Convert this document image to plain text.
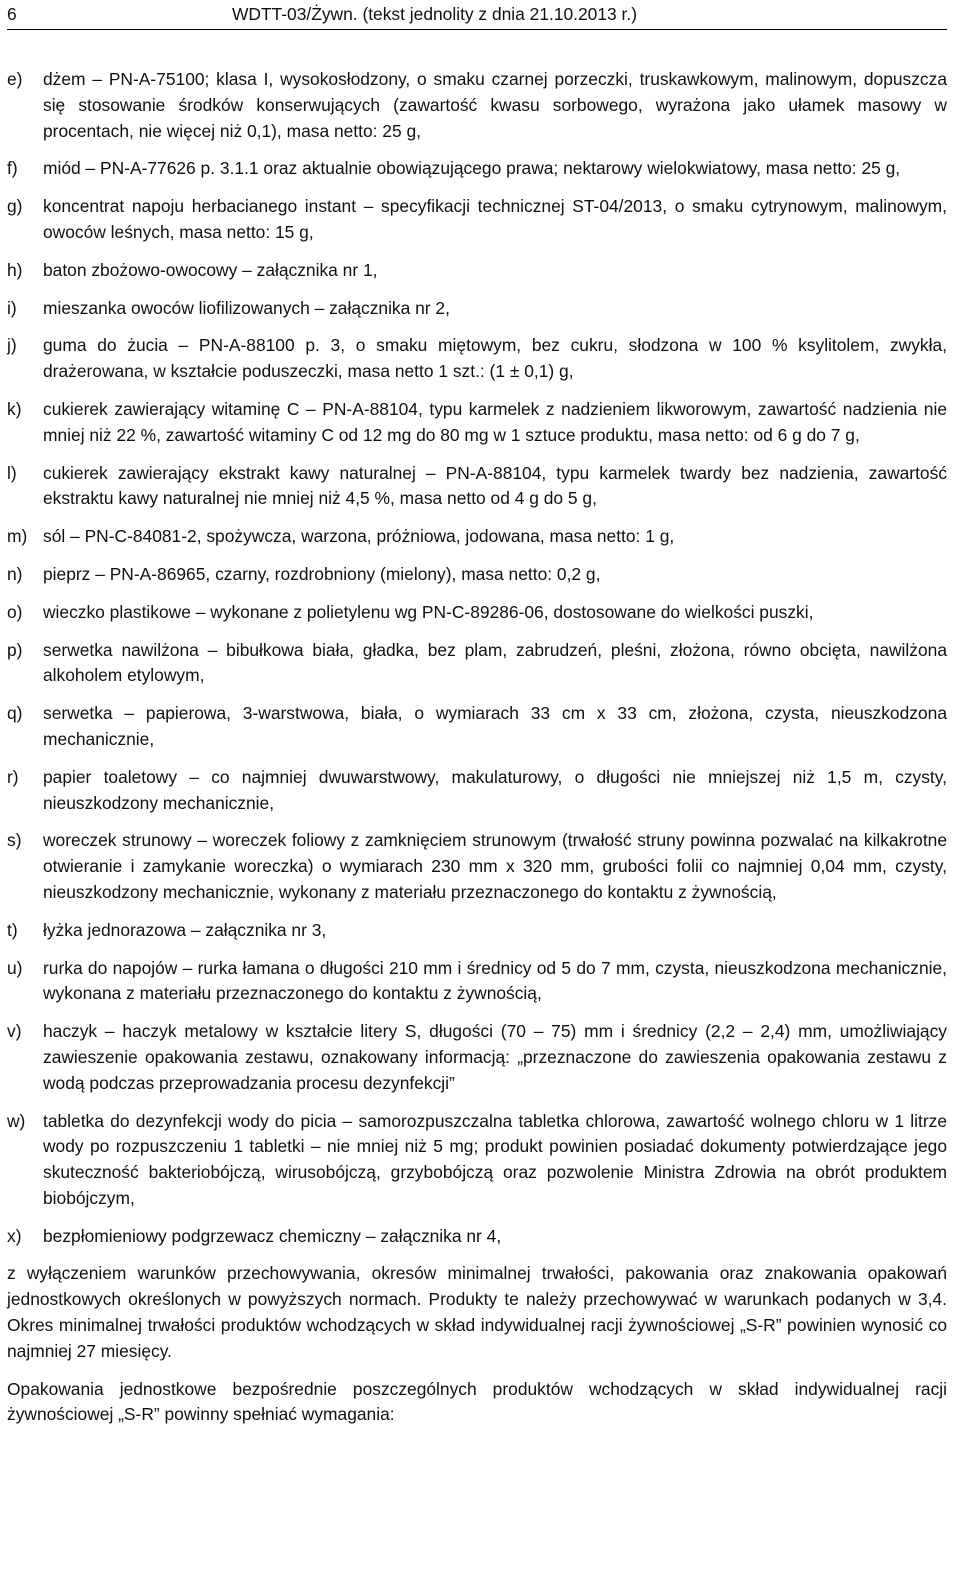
6	WDTT-03/Żywn. (tekst jednolity z dnia 21.10.2013 r.)
e)	dżem – PN-A-75100; klasa I, wysokosłodzony, o smaku czarnej porzeczki, truskawkowym, malinowym, dopuszcza się stosowanie środków konserwujących (zawartość kwasu sorbowego, wyrażona jako ułamek masowy w procentach, nie więcej niż 0,1), masa netto: 25 g,
f)	miód – PN-A-77626 p. 3.1.1 oraz aktualnie obowiązującego prawa; nektarowy wielokwiatowy, masa netto: 25 g,
g)	koncentrat napoju herbacianego instant – specyfikacji technicznej ST-04/2013, o smaku cytrynowym, malinowym, owoców leśnych, masa netto: 15 g,
h)	baton zbożowo-owocowy – załącznika nr 1,
i)	mieszanka owoców liofilizowanych – załącznika nr 2,
j)	guma do żucia – PN-A-88100 p. 3, o smaku miętowym, bez cukru, słodzona w 100 % ksylitolem, zwykła, drażerowana, w kształcie poduszeczki, masa netto 1 szt.: (1 ± 0,1) g,
k)	cukierek zawierający witaminę C – PN-A-88104, typu karmelek z nadzieniem likworowym, zawartość nadzienia nie mniej niż 22 %, zawartość witaminy C od 12 mg do 80 mg w 1 sztuce produktu, masa netto: od 6 g do 7 g,
l)	cukierek zawierający ekstrakt kawy naturalnej – PN-A-88104, typu karmelek twardy bez nadzienia, zawartość ekstraktu kawy naturalnej nie mniej niż 4,5 %, masa netto od 4 g do 5 g,
m) sól – PN-C-84081-2, spożywcza, warzona, próżniowa, jodowana, masa netto: 1 g,
n)	pieprz – PN-A-86965, czarny, rozdrobniony (mielony), masa netto: 0,2 g,
o)	wieczko plastikowe – wykonane z polietylenu wg PN-C-89286-06, dostosowane do wielkości puszki,
p)	serwetka nawilżona – bibułkowa biała, gładka, bez plam, zabrudzeń, pleśni, złożona, równo obcięta, nawilżona alkoholem etylowym,
q)	serwetka – papierowa, 3-warstwowa, biała, o wymiarach 33 cm x 33 cm, złożona, czysta, nieuszkodzona mechanicznie,
r)	papier toaletowy – co najmniej dwuwarstwowy, makulaturowy, o długości nie mniejszej niż 1,5 m, czysty, nieuszkodzony mechanicznie,
s)	woreczek strunowy – woreczek foliowy z zamknięciem strunowym (trwałość struny powinna pozwalać na kilkakrotne otwieranie i zamykanie woreczka) o wymiarach 230 mm x 320 mm, grubości folii co najmniej 0,04 mm, czysty, nieuszkodzony mechanicznie, wykonany z materiału przeznaczonego do kontaktu z żywnością,
t)	łyżka jednorazowa – załącznika nr 3,
u)	rurka do napojów – rurka łamana o długości 210 mm i średnicy od 5 do 7 mm, czysta, nieuszkodzona mechanicznie, wykonana z materiału przeznaczonego do kontaktu z żywnością,
v)	haczyk – haczyk metalowy w kształcie litery S, długości (70 – 75) mm i średnicy (2,2 – 2,4) mm, umożliwiający zawieszenie opakowania zestawu, oznakowany informacją: „przeznaczone do zawieszenia opakowania zestawu z wodą podczas przeprowadzania procesu dezynfekcji”
w)	tabletka do dezynfekcji wody do picia – samorozpuszczalna tabletka chlorowa, zawartość wolnego chloru w 1 litrze wody po rozpuszczeniu 1 tabletki – nie mniej niż 5 mg; produkt powinien posiadać dokumenty potwierdzające jego skuteczność bakteriobójczą, wirusobójczą, grzybobójczą oraz pozwolenie Ministra Zdrowia na obrót produktem biobójczym,
x)	bezpłomieniowy podgrzewacz chemiczny – załącznika nr 4,

z wyłączeniem warunków przechowywania, okresów minimalnej trwałości, pakowania oraz znakowania opakowań jednostkowych określonych w powyższych normach. Produkty te należy przechowywać w warunkach podanych w 3,4. Okres minimalnej trwałości produktów wchodzących w skład indywidualnej racji żywnościowej „S-R” powinien wynosić co najmniej 27 miesięcy.

Opakowania jednostkowe bezpośrednie poszczególnych produktów wchodzących w skład indywidualnej racji żywnościowej „S-R” powinny spełniać wymagania:
